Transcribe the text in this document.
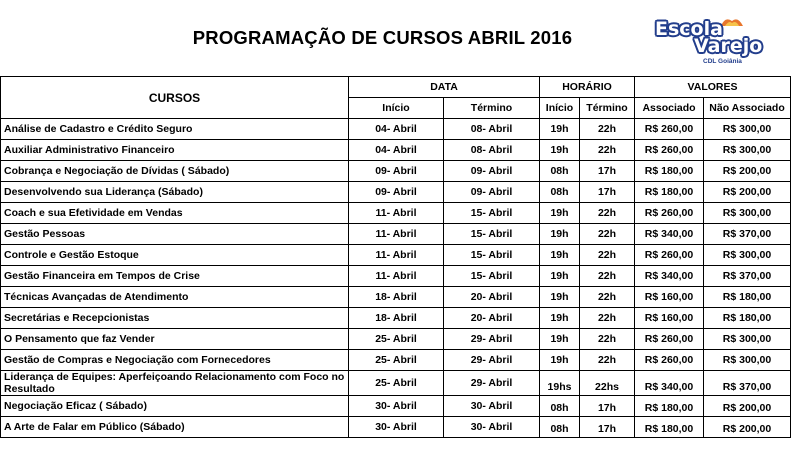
PROGRAMAÇÃO DE CURSOS ABRIL 2016	Escola
Varejo
CDL Goiânia
CURSOS	DATA		HORÁRIO		VALORES	
	Início	Término	Início	Término	Associado	Não Associado
Análise de Cadastro e Crédito Seguro	04- Abril	08- Abril	19h	22h	R$ 260,00	R$ 300,00
Auxiliar Administrativo Financeiro	04- Abril	08- Abril	19h	22h	R$ 260,00	R$ 300,00
Cobrança e Negociação de Dívidas ( Sábado)	09- Abril	09- Abril	08h	17h	R$ 180,00	R$ 200,00
Desenvolvendo sua Liderança (Sábado)	09- Abril	09- Abril	08h	17h	R$ 180,00	R$ 200,00
Coach e sua Efetividade em Vendas	11- Abril	15- Abril	19h	22h	R$ 260,00	R$ 300,00
Gestão Pessoas	11- Abril	15- Abril	19h	22h	R$ 340,00	R$ 370,00
Controle e Gestão Estoque	11- Abril	15- Abril	19h	22h	R$ 260,00	R$ 300,00
Gestão Financeira em Tempos de Crise	11- Abril	15- Abril	19h	22h	R$ 340,00	R$ 370,00
Técnicas Avançadas de Atendimento	18- Abril	20- Abril	19h	22h	R$ 160,00	R$ 180,00
Secretárias e Recepcionistas	18- Abril	20- Abril	19h	22h	R$ 160,00	R$ 180,00
O Pensamento que faz Vender	25- Abril	29- Abril	19h	22h	R$ 260,00	R$ 300,00
Gestão de Compras e Negociação com Fornecedores	25- Abril	29- Abril	19h	22h	R$ 260,00	R$ 300,00
Liderança de Equipes: Aperfeiçoando Relacionamento com Foco no Resultado	25- Abril	29- Abril	19hs	22hs	R$ 340,00	R$ 370,00
Negociação Eficaz ( Sábado)	30- Abril	30- Abril	08h	17h	R$ 180,00	R$ 200,00
A Arte de Falar em Público (Sábado)	30- Abril	30- Abril	08h	17h	R$ 180,00	R$ 200,00
